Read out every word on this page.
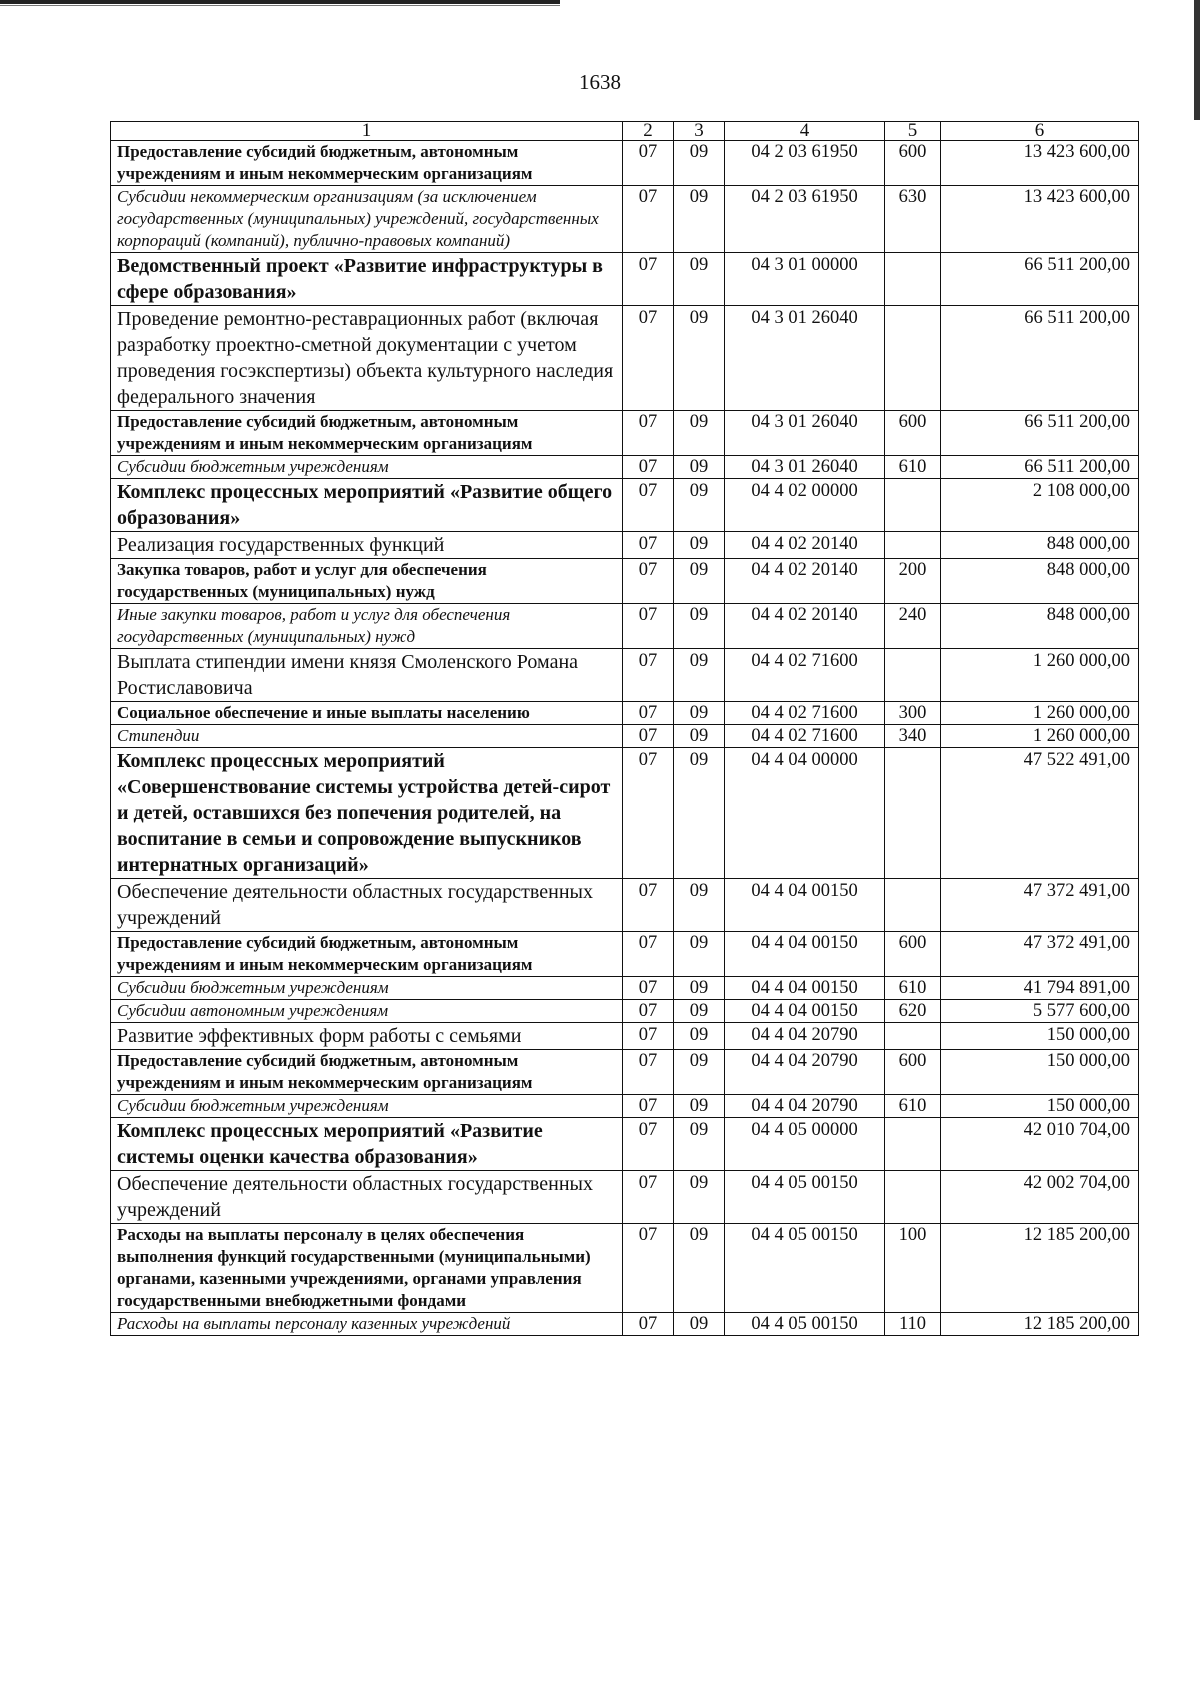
1638
1	2	3	4	5	6
Предоставление субсидий бюджетным, автономным учреждениям и иным некоммерческим организациям	07	09	04 2 03 61950	600	13 423 600,00
Субсидии некоммерческим организациям (за исключением государственных (муниципальных) учреждений, государственных корпораций (компаний), публично-правовых компаний)	07	09	04 2 03 61950	630	13 423 600,00
Ведомственный проект «Развитие инфраструктуры в сфере образования»	07	09	04 3 01 00000		66 511 200,00
Проведение ремонтно-реставрационных работ (включая разработку проектно-сметной документации с учетом проведения госэкспертизы) объекта культурного наследия федерального значения	07	09	04 3 01 26040		66 511 200,00
Предоставление субсидий бюджетным, автономным учреждениям и иным некоммерческим организациям	07	09	04 3 01 26040	600	66 511 200,00
Субсидии бюджетным учреждениям	07	09	04 3 01 26040	610	66 511 200,00
Комплекс процессных мероприятий «Развитие общего образования»	07	09	04 4 02 00000		2 108 000,00
Реализация государственных функций	07	09	04 4 02 20140		848 000,00
Закупка товаров, работ и услуг для обеспечения государственных (муниципальных) нужд	07	09	04 4 02 20140	200	848 000,00
Иные закупки товаров, работ и услуг для обеспечения государственных (муниципальных) нужд	07	09	04 4 02 20140	240	848 000,00
Выплата стипендии имени князя Смоленского Романа Ростиславовича	07	09	04 4 02 71600		1 260 000,00
Социальное обеспечение и иные выплаты населению	07	09	04 4 02 71600	300	1 260 000,00
Стипендии	07	09	04 4 02 71600	340	1 260 000,00
Комплекс процессных мероприятий «Совершенствование системы устройства детей-сирот и детей, оставшихся без попечения родителей, на воспитание в семьи и сопровождение выпускников интернатных организаций»	07	09	04 4 04 00000		47 522 491,00
Обеспечение деятельности областных государственных учреждений	07	09	04 4 04 00150		47 372 491,00
Предоставление субсидий бюджетным, автономным учреждениям и иным некоммерческим организациям	07	09	04 4 04 00150	600	47 372 491,00
Субсидии бюджетным учреждениям	07	09	04 4 04 00150	610	41 794 891,00
Субсидии автономным учреждениям	07	09	04 4 04 00150	620	5 577 600,00
Развитие эффективных форм работы с семьями	07	09	04 4 04 20790		150 000,00
Предоставление субсидий бюджетным, автономным учреждениям и иным некоммерческим организациям	07	09	04 4 04 20790	600	150 000,00
Субсидии бюджетным учреждениям	07	09	04 4 04 20790	610	150 000,00
Комплекс процессных мероприятий «Развитие системы оценки качества образования»	07	09	04 4 05 00000		42 010 704,00
Обеспечение деятельности областных государственных учреждений	07	09	04 4 05 00150		42 002 704,00
Расходы на выплаты персоналу в целях обеспечения выполнения функций государственными (муниципальными) органами, казенными учреждениями, органами управления государственными внебюджетными фондами	07	09	04 4 05 00150	100	12 185 200,00
Расходы на выплаты персоналу казенных учреждений	07	09	04 4 05 00150	110	12 185 200,00
